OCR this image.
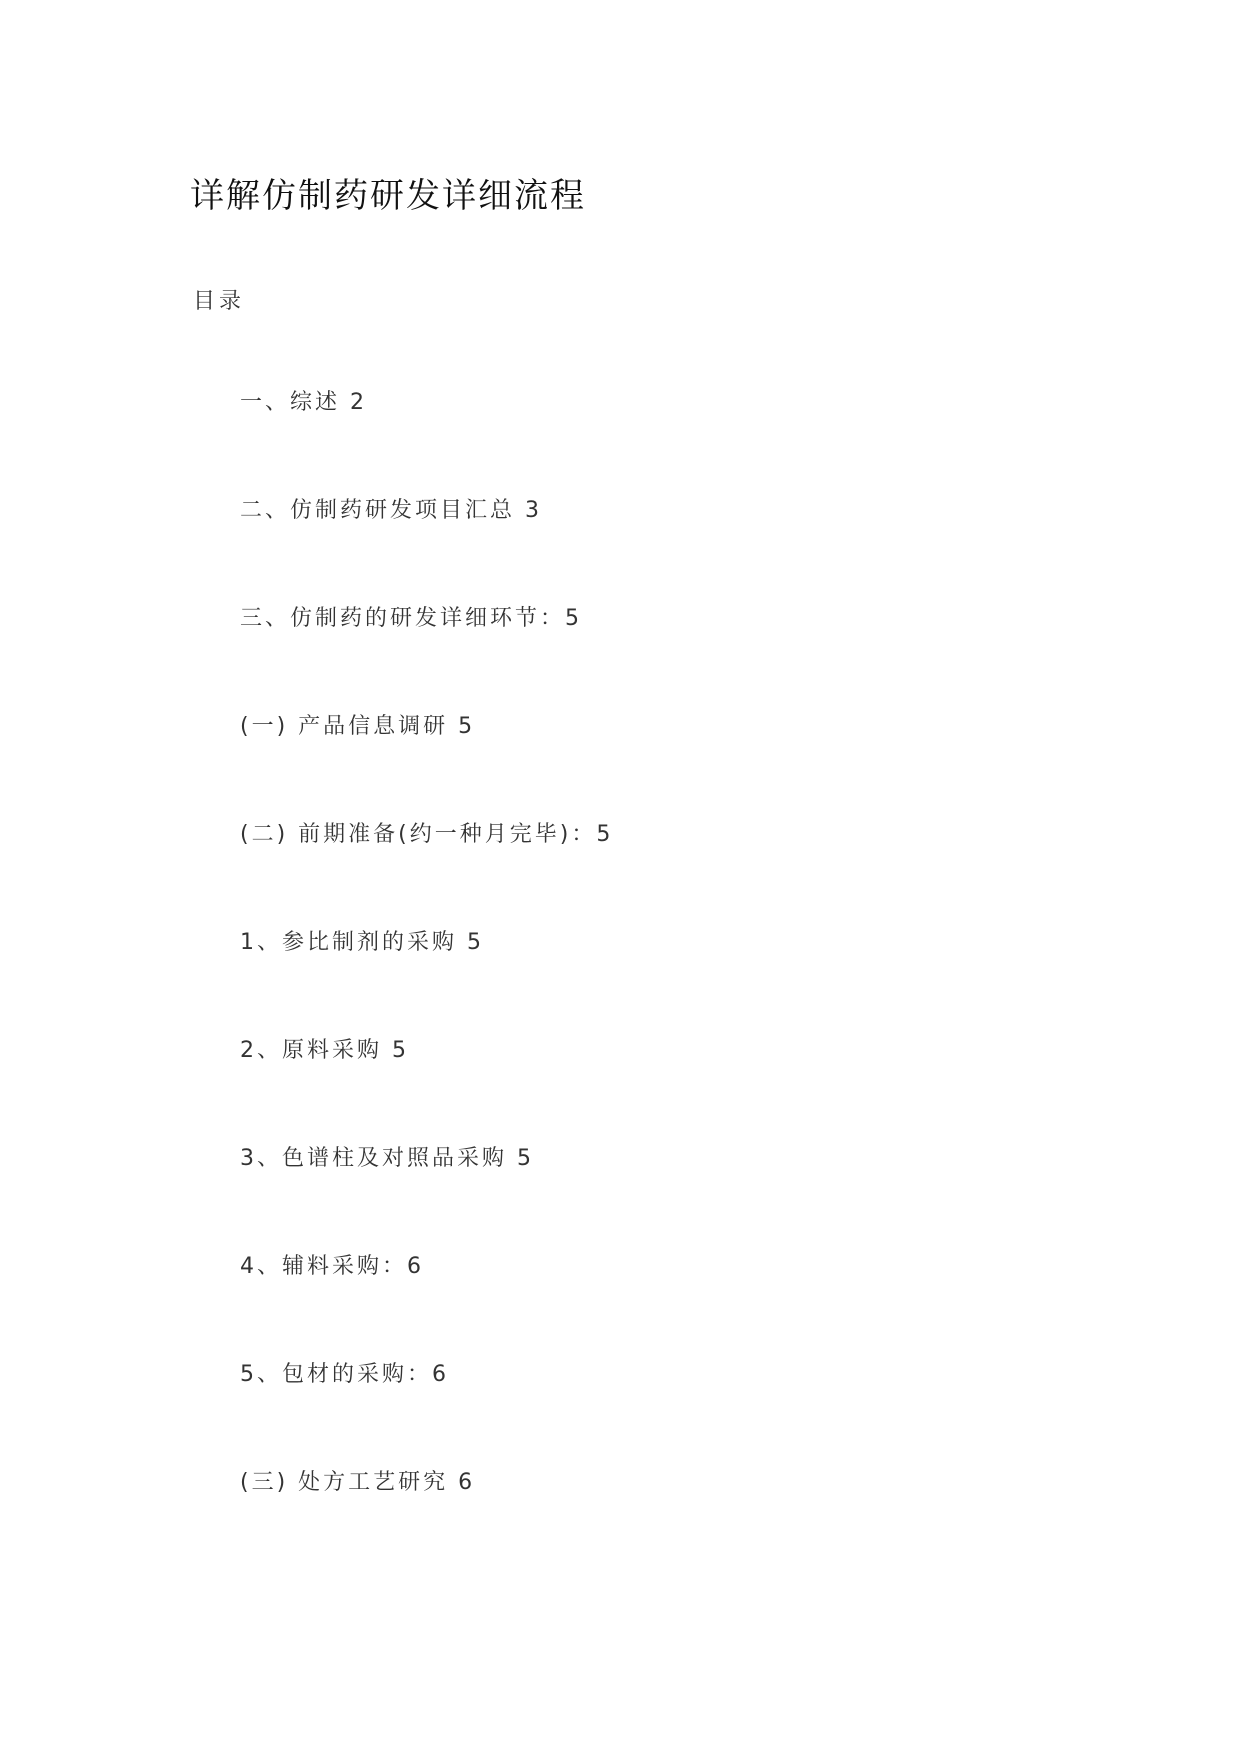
详解仿制药研发详细流程
目录
一、综述 2
二、仿制药研发项目汇总 3
三、仿制药的研发详细环节：5
(一) 产品信息调研 5
(二) 前期准备(约一种月完毕)：5
1、参比制剂的采购 5
2、原料采购 5
3、色谱柱及对照品采购 5
4、辅料采购：6
5、包材的采购：6
(三) 处方工艺研究 6
